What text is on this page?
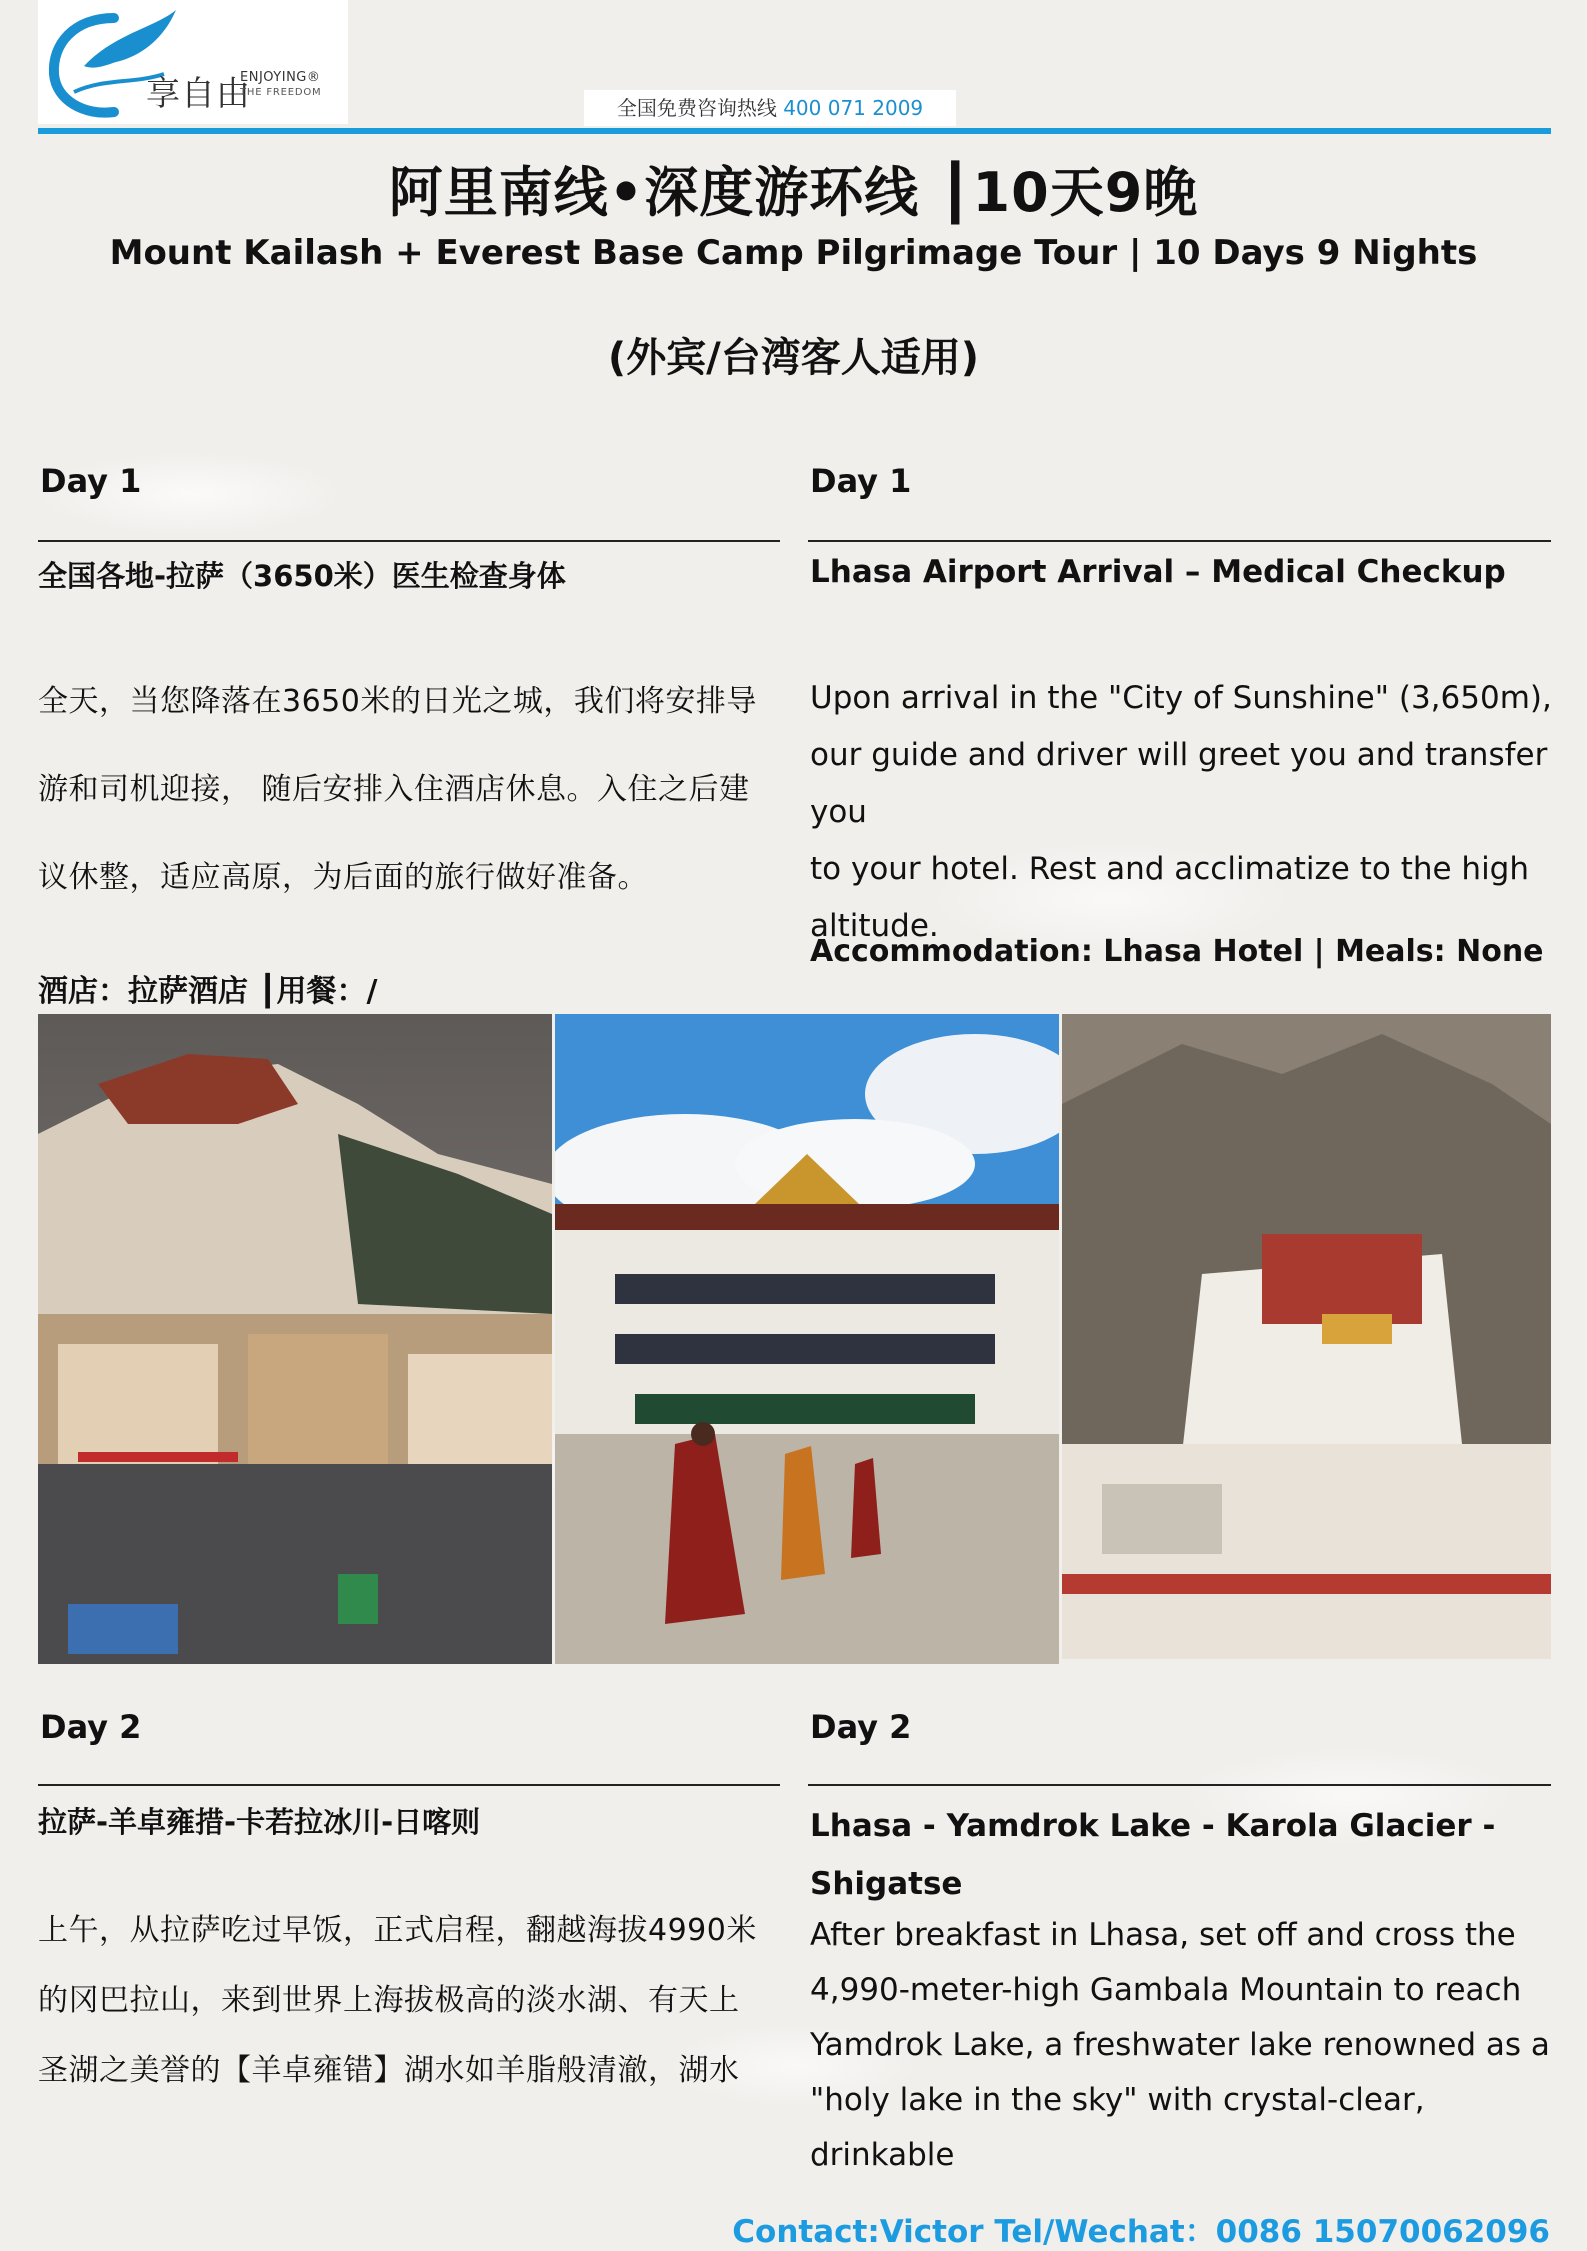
享自由
ENJOYING®
THE FREEDOM
全国免费咨询热线 400 071 2009
阿里南线•深度游环线 ┃10天9晚
Mount Kailash + Everest Base Camp Pilgrimage Tour | 10 Days 9 Nights
(外宾/台湾客人适用)
Day 1
全国各地-拉萨（3650米）医生检查身体
全天，当您降落在3650米的日光之城，我们将安排导
游和司机迎接， 随后安排入住酒店休息。入住之后建
议休整，适应高原，为后面的旅行做好准备。
酒店：拉萨酒店 ┃用餐：/
Day 1
Lhasa Airport Arrival – Medical Checkup
Upon arrival in the "City of Sunshine" (3,650m),
our guide and driver will greet you and transfer you
to your hotel. Rest and acclimatize to the high
altitude.
Accommodation: Lhasa Hotel | Meals: None
Day 2
拉萨-羊卓雍措-卡若拉冰川-日喀则
上午，从拉萨吃过早饭，正式启程，翻越海拔4990米
的冈巴拉山，来到世界上海拔极高的淡水湖、有天上
圣湖之美誉的【羊卓雍错】湖水如羊脂般清澈，湖水
Day 2
Lhasa - Yamdrok Lake - Karola Glacier -
Shigatse
After breakfast in Lhasa, set off and cross the
4,990-meter-high Gambala Mountain to reach
Yamdrok Lake, a freshwater lake renowned as a
"holy lake in the sky" with crystal-clear, drinkable
Contact:Victor Tel/Wechat：0086 15070062096
